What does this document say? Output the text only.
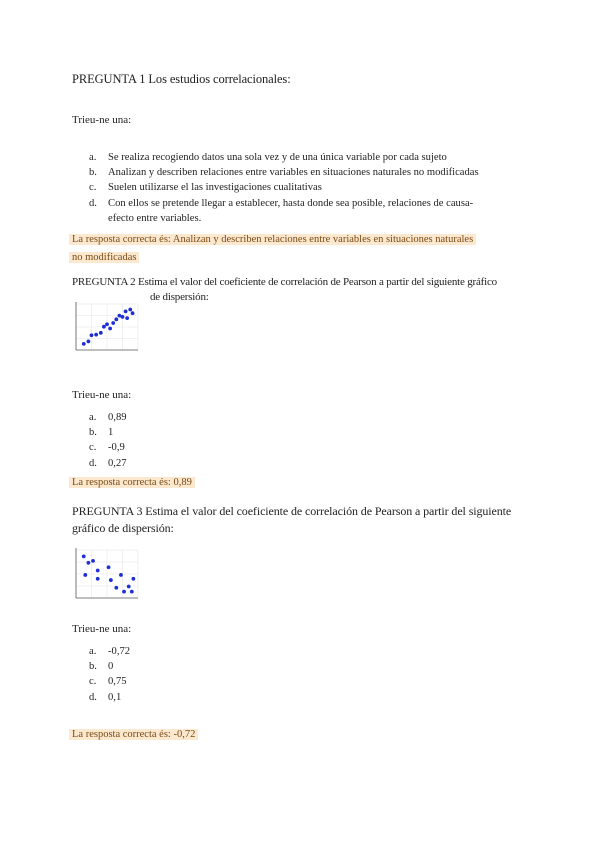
PREGUNTA 1 Los estudios correlacionales:
Trieu-ne una:
a. Se realiza recogiendo datos una sola vez y de una única variable por cada sujeto
b. Analizan y describen relaciones entre variables en situaciones naturales no modificadas
c. Suelen utilizarse el las investigaciones cualitativas
d. Con ellos se pretende llegar a establecer, hasta donde sea posible, relaciones de causa-efecto entre variables.
La resposta correcta és: Analizan y describen relaciones entre variables en situaciones naturales
no modificadas
PREGUNTA 2 Estima el valor del coeficiente de correlación de Pearson a partir del siguiente gráfico
de dispersión:
Trieu-ne una:
a. 0,89
b. 1
c. -0,9
d. 0,27
La resposta correcta és: 0,89
PREGUNTA 3 Estima el valor del coeficiente de correlación de Pearson a partir del siguiente
gráfico de dispersión:
Trieu-ne una:
a. -0,72
b. 0
c. 0,75
d. 0,1
La resposta correcta és: -0,72
